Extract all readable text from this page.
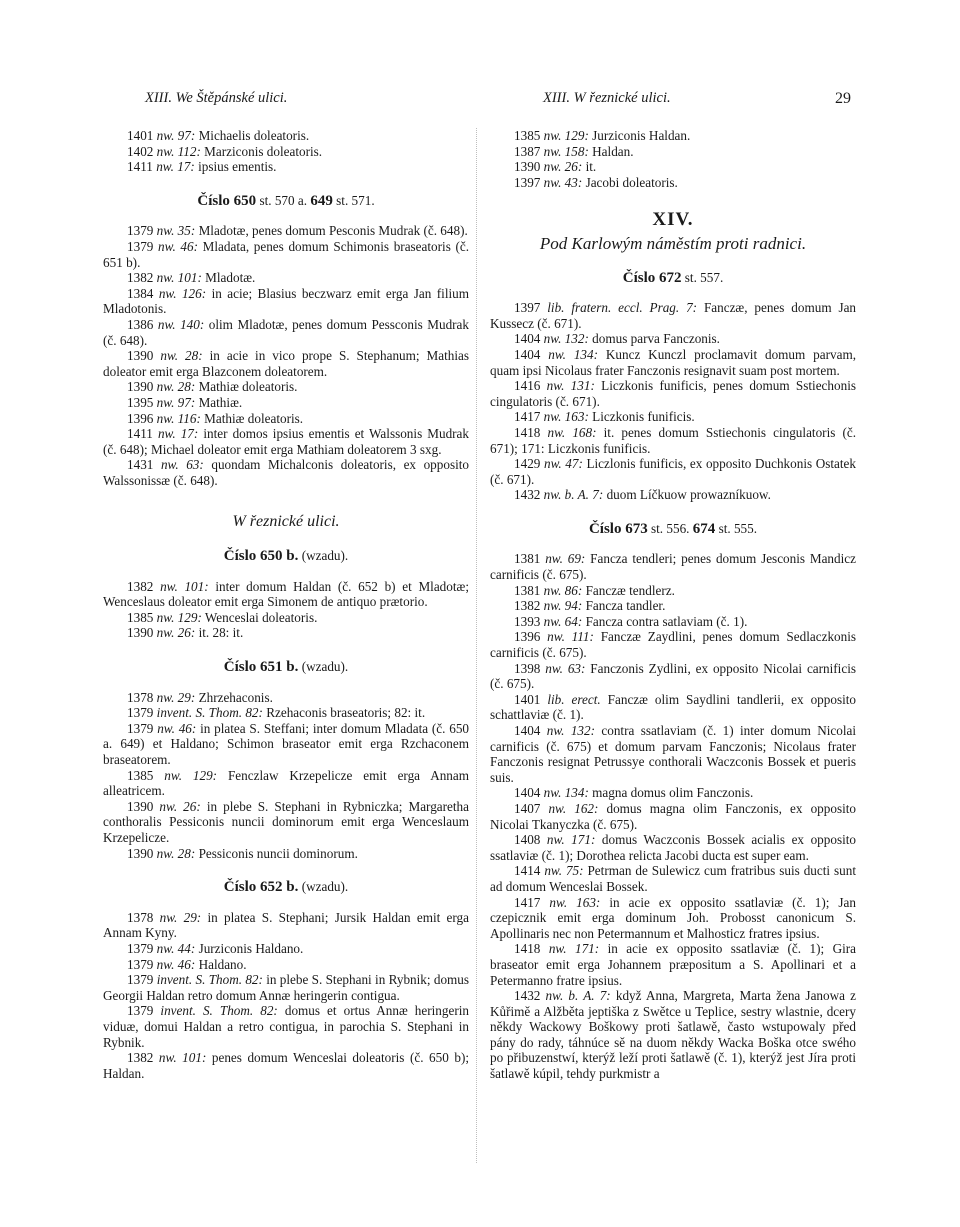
XIII. We Štěpánské ulici.	XIII. W řeznické ulici.	29

1401 nw. 97: Michaelis doleatoris.

1402 nw. 112: Marziconis doleatoris.

1411 nw. 17: ipsius ementis.

Číslo 650 st. 570 a. 649 st. 571.

1379 nw. 35: Mladotæ, penes domum Pesconis Mudrak (č. 648).

1379 nw. 46: Mladata, penes domum Schimonis braseatoris (č. 651 b).

1382 nw. 101: Mladotæ.

1384 nw. 126: in acie; Blasius beczwarz emit erga Jan filium Mladotonis.

1386 nw. 140: olim Mladotæ, penes domum Pessconis Mudrak (č. 648).

1390 nw. 28: in acie in vico prope S. Stephanum; Mathias doleator emit erga Blazconem doleatorem.

1390 nw. 28: Mathiæ doleatoris.

1395 nw. 97: Mathiæ.

1396 nw. 116: Mathiæ doleatoris.

1411 nw. 17: inter domos ipsius ementis et Walssonis Mudrak (č. 648); Michael doleator emit erga Mathiam doleatorem 3 sxg.

1431 nw. 63: quondam Michalconis doleatoris, ex opposito Walssonissæ (č. 648).

W řeznické ulici.
Číslo 650 b. (wzadu).

1382 nw. 101: inter domum Haldan (č. 652 b) et Mladotæ; Wenceslaus doleator emit erga Simonem de antiquo prætorio.

1385 nw. 129: Wenceslai doleatoris.

1390 nw. 26: it. 28: it.

Číslo 651 b. (wzadu).

1378 nw. 29: Zhrzehaconis.

1379 invent. S. Thom. 82: Rzehaconis braseatoris; 82: it.

1379 nw. 46: in platea S. Steffani; inter domum Mladata (č. 650 a. 649) et Haldano; Schimon braseator emit erga Rzchaconem braseatorem.

1385 nw. 129: Fenczlaw Krzepelicze emit erga Annam alleatricem.

1390 nw. 26: in plebe S. Stephani in Rybniczka; Margaretha conthoralis Pessiconis nuncii dominorum emit erga Wenceslaum Krzepelicze.

1390 nw. 28: Pessiconis nuncii dominorum.

Číslo 652 b. (wzadu).

1378 nw. 29: in platea S. Stephani; Jursik Haldan emit erga Annam Kyny.

1379 nw. 44: Jurziconis Haldano.

1379 nw. 46: Haldano.

1379 invent. S. Thom. 82: in plebe S. Stephani in Rybnik; domus Georgii Haldan retro domum Annæ heringerin contigua.

1379 invent. S. Thom. 82: domus et ortus Annæ heringerin viduæ, domui Haldan a retro contigua, in parochia S. Stephani in Rybnik.

1382 nw. 101: penes domum Wenceslai doleatoris (č. 650 b); Haldan.

1385 nw. 129: Jurziconis Haldan.

1387 nw. 158: Haldan.

1390 nw. 26: it.

1397 nw. 43: Jacobi doleatoris.

XIV.
Pod Karlowým náměstím proti radnici.
Číslo 672 st. 557.

1397 lib. fratern. eccl. Prag. 7: Fanczæ, penes domum Jan Kussecz (č. 671).

1404 nw. 132: domus parva Fanczonis.

1404 nw. 134: Kuncz Kunczl proclamavit domum parvam, quam ipsi Nicolaus frater Fanczonis resignavit suam post mortem.

1416 nw. 131: Liczkonis funificis, penes domum Sstiechonis cingulatoris (č. 671).

1417 nw. 163: Liczkonis funificis.

1418 nw. 168: it. penes domum Sstiechonis cingulatoris (č. 671); 171: Liczkonis funificis.

1429 nw. 47: Liczlonis funificis, ex opposito Duchkonis Ostatek (č. 671).

1432 nw. b. A. 7: duom Líčkuow prowazníkuow.

Číslo 673 st. 556. 674 st. 555.

1381 nw. 69: Fancza tendleri; penes domum Jesconis Mandicz carnificis (č. 675).

1381 nw. 86: Fanczæ tendlerz.

1382 nw. 94: Fancza tandler.

1393 nw. 64: Fancza contra satlaviam (č. 1).

1396 nw. 111: Fanczæ Zaydlini, penes domum Sedlaczkonis carnificis (č. 675).

1398 nw. 63: Fanczonis Zydlini, ex opposito Nicolai carnificis (č. 675).

1401 lib. erect. Fanczæ olim Saydlini tandlerii, ex opposito schattlaviæ (č. 1).

1404 nw. 132: contra ssatlaviam (č. 1) inter domum Nicolai carnificis (č. 675) et domum parvam Fanczonis; Nicolaus frater Fanczonis resignat Petrussye conthorali Waczconis Bossek et pueris suis.

1404 nw. 134: magna domus olim Fanczonis.

1407 nw. 162: domus magna olim Fanczonis, ex opposito Nicolai Tkanyczka (č. 675).

1408 nw. 171: domus Waczconis Bossek acialis ex opposito ssatlaviæ (č. 1); Dorothea relicta Jacobi ducta est super eam.

1414 nw. 75: Petrman de Sulewicz cum fratribus suis ducti sunt ad domum Wenceslai Bossek.

1417 nw. 163: in acie ex opposito ssatlaviæ (č. 1); Jan czepicznik emit erga dominum Joh. Probosst canonicum S. Apollinaris nec non Petermannum et Malhosticz fratres ipsius.

1418 nw. 171: in acie ex opposito ssatlaviæ (č. 1); Gira braseator emit erga Johannem præpositum a S. Apollinari et a Petermanno fratre ipsius.

1432 nw. b. A. 7: když Anna, Margreta, Marta žena Janowa z Kůřimě a Alžběta jeptiška z Swětce u Teplice, sestry wlastnie, dcery někdy Wackowy Boškowy proti šatlawě, často wstupowaly před pány do rady, táhnúce sě na duom někdy Wacka Boška otce swého po přibuzenstwí, kterýž leží proti šatlawě (č. 1), kterýž jest Jíra proti šatlawě kúpil, tehdy purkmistr a
